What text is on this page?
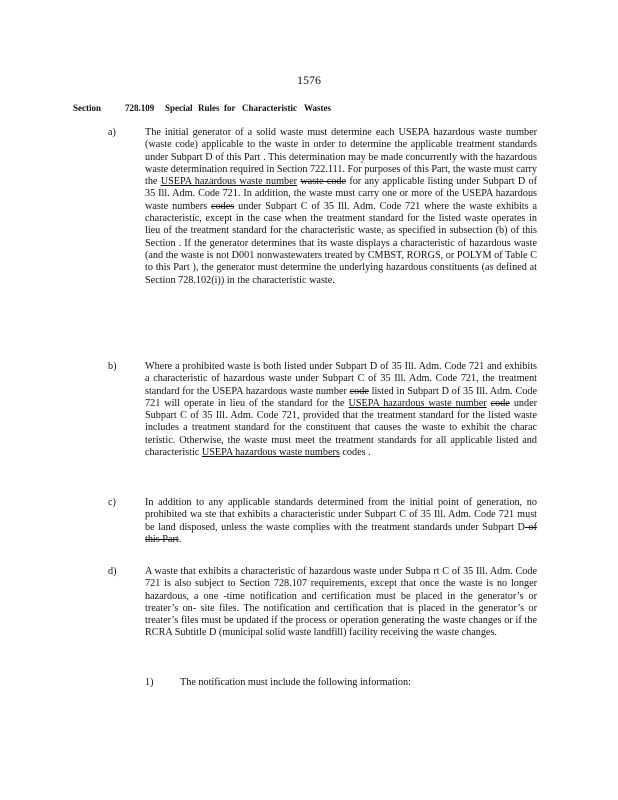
1576
Section	728.109 Special Rules for Characteristic Wastes
a)	The initial generator of a solid waste must determine each USEPA hazardous waste number (waste code) applicable to the waste in order to determine the applicable treatment standards under Subpart D of this Part . This determination may be made concurrently with the hazardous waste determination required in Section 722.111. For purposes of this Part, the waste must carry the USEPA hazardous waste number waste code for any applicable listing under Subpart D of 35 Ill. Adm. Code 721. In addition, the waste must carry one or more of the USEPA hazardous waste numbers codes under Subpart C of 35 Ill. Adm. Code 721 where the waste exhibits a characteristic, except in the case when the treatment standard for the listed waste operates in lieu of the treatment standard for the characteristic waste, as specified in subsection (b) of this Section . If the generator determines that its waste displays a characteristic of hazardous waste (and the waste is not D001 nonwastewaters treated by CMBST, RORGS, or POLYM of Table C to this Part ), the generator must determine the underlying hazardous constituents (as defined at Section 728.102(i)) in the characteristic waste.
b)	Where a prohibited waste is both listed under Subpart D of 35 Ill. Adm. Code 721 and exhibits a characteristic of hazardous waste under Subpart C of 35 Ill. Adm. Code 721, the treatment standard for the USEPA hazardous waste number code listed in Subpart D of 35 Ill. Adm. Code 721 will operate in lieu of the standard for the USEPA hazardous waste number code under Subpart C of 35 Ill. Adm. Code 721, provided that the treatment standard for the listed waste includes a treatment standard for the constituent that causes the waste to exhibit the charac teristic. Otherwise, the waste must meet the treatment standards for all applicable listed and characteristic USEPA hazardous waste numbers codes .
c)	In addition to any applicable standards determined from the initial point of generation, no prohibited wa ste that exhibits a characteristic under Subpart C of 35 Ill. Adm. Code 721 must be land disposed, unless the waste complies with the treatment standards under Subpart D of this Part.
d)	A waste that exhibits a characteristic of hazardous waste under Subpa rt C of 35 Ill. Adm. Code 721 is also subject to Section 728.107 requirements, except that once the waste is no longer hazardous, a one -time notification and certification must be placed in the generator’s or treater’s on- site files. The notification and certification that is placed in the generator’s or treater’s files must be updated if the process or operation generating the waste changes or if the RCRA Subtitle D (municipal solid waste landfill) facility receiving the waste changes.
1)	The notification must include the following information:
